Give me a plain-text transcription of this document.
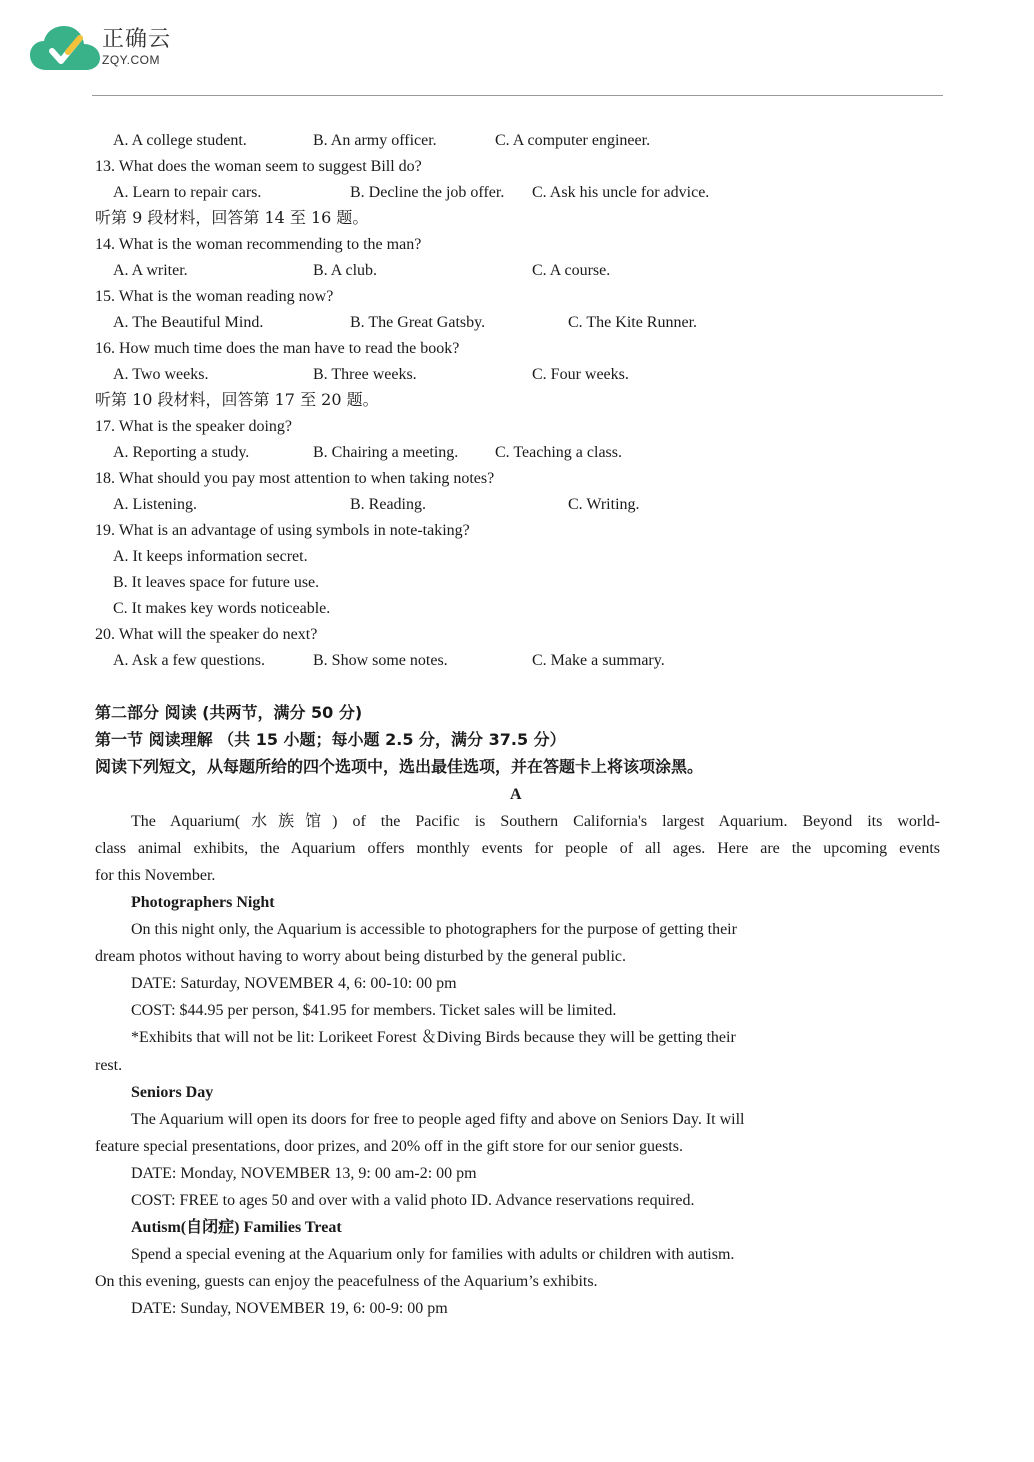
正确云
ZQY.COM
A. A college student.	B. An army officer.	C. A computer engineer.
13. What does the woman seem to suggest Bill do?
A. Learn to repair cars.	B. Decline the job offer. C. Ask his uncle for advice.
听第 9 段材料，回答第 14 至 16 题。
14. What is the woman recommending to the man?
A. A writer.	B. A club.	C. A course.
15. What is the woman reading now?
A. The Beautiful Mind.	B. The Great Gatsby.	C. The Kite Runner.
16. How much time does the man have to read the book?
A. Two weeks.	B. Three weeks.	C. Four weeks.
听第 10 段材料，回答第 17 至 20 题。
17. What is the speaker doing?
A. Reporting a study.	B. Chairing a meeting. C. Teaching a class.
18. What should you pay most attention to when taking notes?
A. Listening.	B. Reading.	C. Writing.
19. What is an advantage of using symbols in note-taking?
A. It keeps information secret.
B. It leaves space for future use.
C. It makes key words noticeable.
20. What will the speaker do next?
A. Ask a few questions.	B. Show some notes.	C. Make a summary.
第二部分 阅读 (共两节，满分 50 分)
第一节 阅读理解 （共 15 小题；每小题 2.5 分，满分 37.5 分）
阅读下列短文，从每题所给的四个选项中，选出最佳选项，并在答题卡上将该项涂黑。
A
The Aquarium(水族馆) of the Pacific is Southern California's largest Aquarium. Beyond its world-
class animal exhibits, the Aquarium offers monthly events for people of all ages. Here are the upcoming events
for this November.
Photographers Night
On this night only, the Aquarium is accessible to photographers for the purpose of getting their
dream photos without having to worry about being disturbed by the general public.
DATE: Saturday, NOVEMBER 4, 6: 00-10: 00 pm
COST: $44.95 per person, $41.95 for members. Ticket sales will be limited.
*Exhibits that will not be lit: Lorikeet Forest ＆Diving Birds because they will be getting their
rest.
Seniors Day
The Aquarium will open its doors for free to people aged fifty and above on Seniors Day. It will
feature special presentations, door prizes, and 20% off in the gift store for our senior guests.
DATE: Monday, NOVEMBER 13, 9: 00 am-2: 00 pm
COST: FREE to ages 50 and over with a valid photo ID. Advance reservations required.
Autism(自闭症) Families Treat
Spend a special evening at the Aquarium only for families with adults or children with autism.
On this evening, guests can enjoy the peacefulness of the Aquarium’s exhibits.
DATE: Sunday, NOVEMBER 19, 6: 00-9: 00 pm
